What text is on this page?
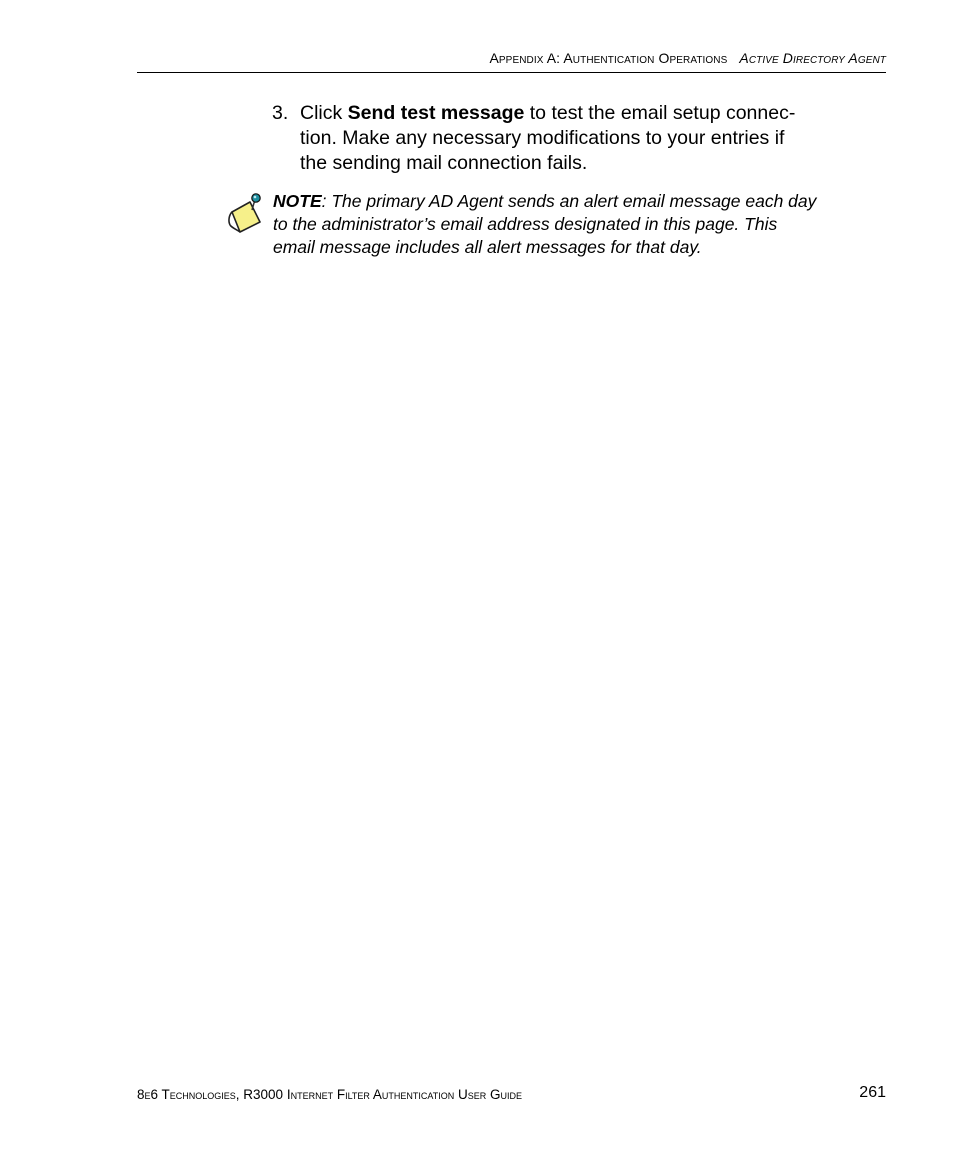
Appendix A: Authentication Operations Active Directory Agent
3. Click Send test message to test the email setup connec-
tion. Make any necessary modifications to your entries if
the sending mail connection fails.
NOTE: The primary AD Agent sends an alert email message each day to the administrator’s email address designated in this page. This email message includes all alert messages for that day.
8e6 Technologies, R3000 Internet Filter Authentication User Guide	261
